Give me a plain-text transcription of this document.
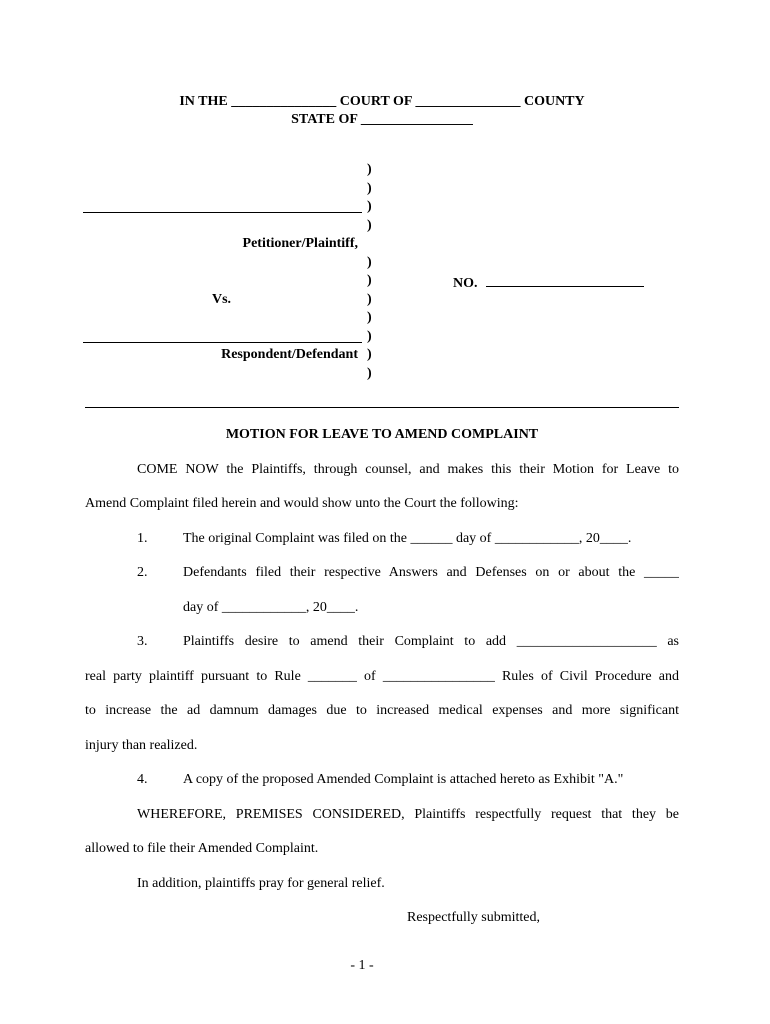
IN THE _______________ COURT OF _______________ COUNTY
STATE OF ________________
)
)
)
)
Petitioner/Plaintiff,
)
)	NO.
Vs.	)
)
)
Respondent/Defendant )
)
MOTION FOR LEAVE TO AMEND COMPLAINT
COME NOW the Plaintiffs, through counsel, and makes this their Motion for Leave to
Amend Complaint filed herein and would show unto the Court the following:
1.	The original Complaint was filed on the ______ day of ____________, 20____.
2.	Defendants filed their respective Answers and Defenses on or about the _____
day of ____________, 20____.
3.	Plaintiffs desire to amend their Complaint to add ____________________ as
real party plaintiff pursuant to Rule _______ of ________________ Rules of Civil Procedure and
to increase the ad damnum damages due to increased medical expenses and more significant
injury than realized.
4.	A copy of the proposed Amended Complaint is attached hereto as Exhibit "A."
WHEREFORE, PREMISES CONSIDERED, Plaintiffs respectfully request that they be
allowed to file their Amended Complaint.
In addition, plaintiffs pray for general relief.
Respectfully submitted,
- 1 -
